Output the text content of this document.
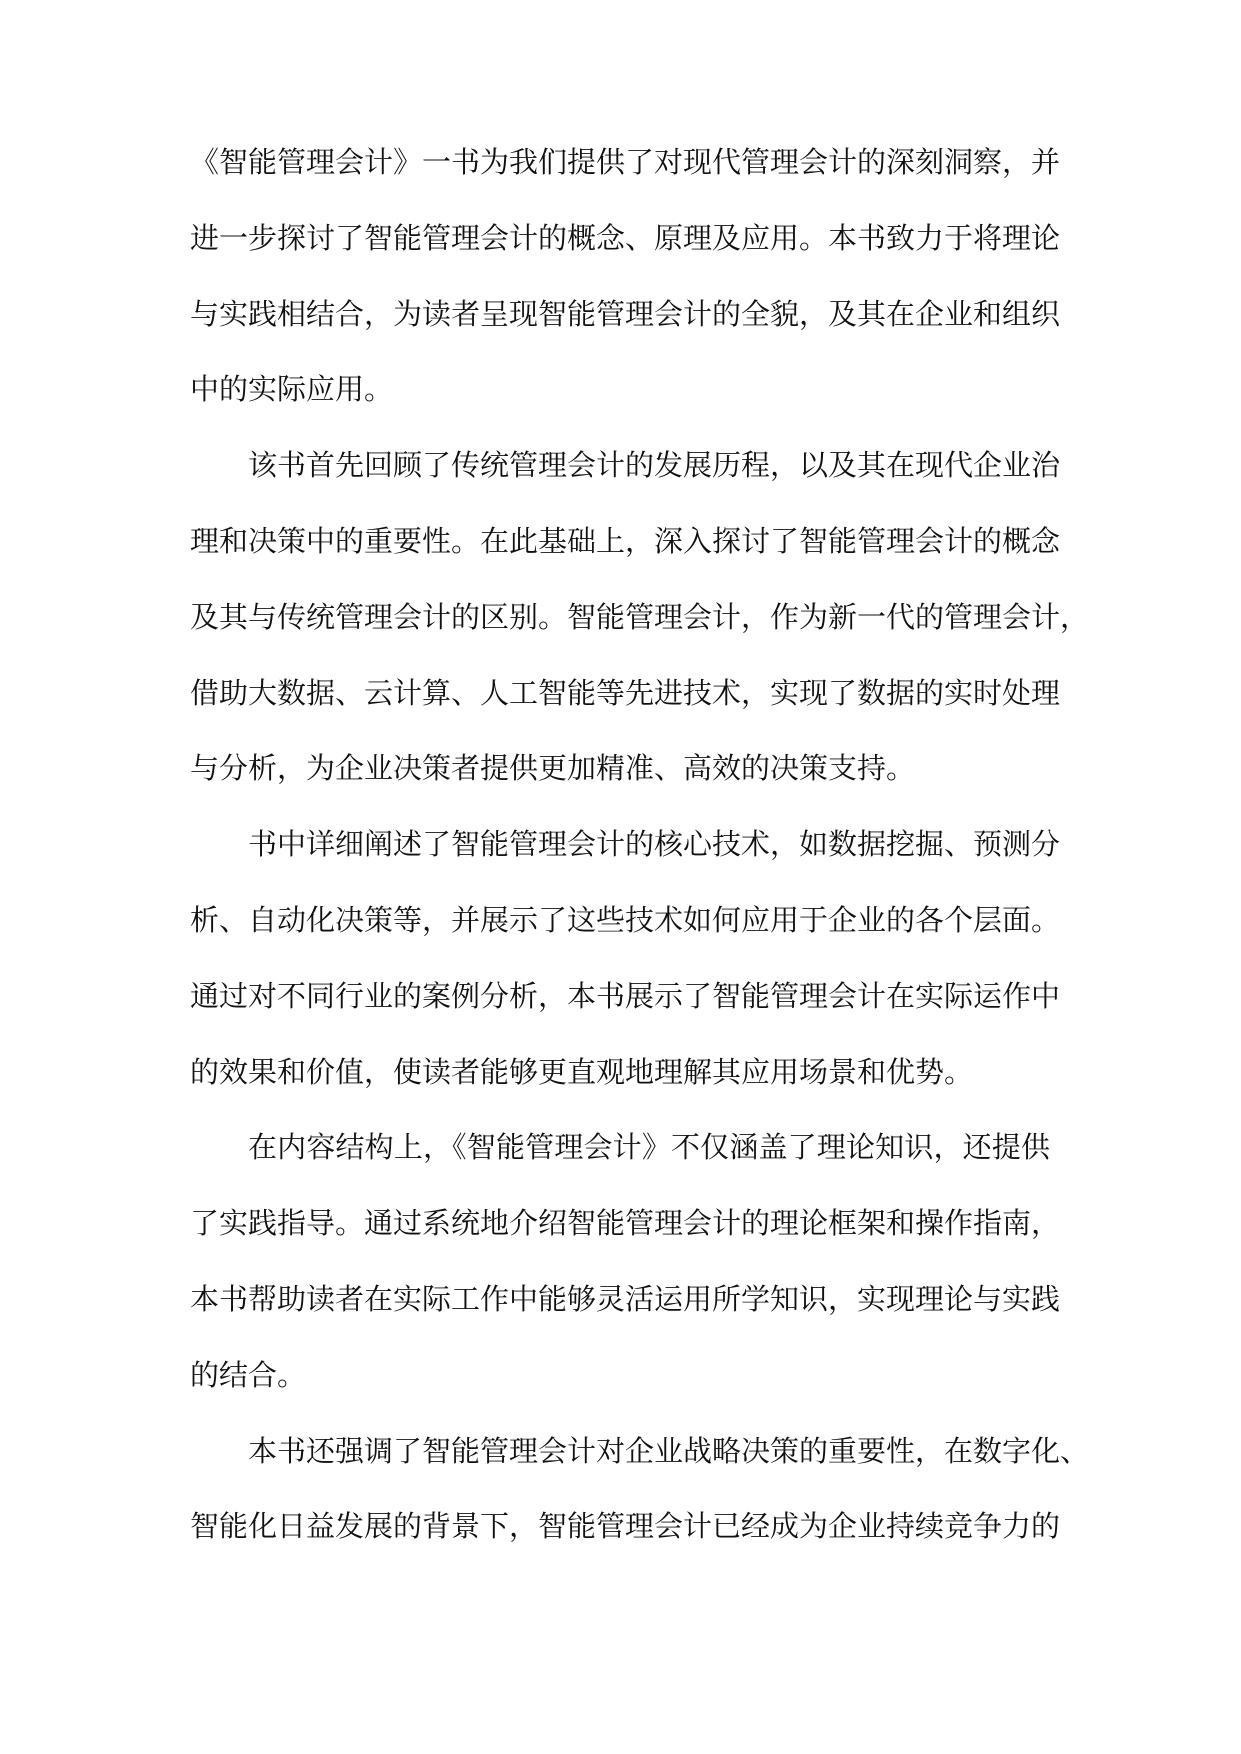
《智能管理会计》一书为我们提供了对现代管理会计的深刻洞察，并
进一步探讨了智能管理会计的概念、原理及应用。本书致力于将理论
与实践相结合，为读者呈现智能管理会计的全貌，及其在企业和组织
中的实际应用。
该书首先回顾了传统管理会计的发展历程，以及其在现代企业治
理和决策中的重要性。在此基础上，深入探讨了智能管理会计的概念
及其与传统管理会计的区别。智能管理会计，作为新一代的管理会计，
借助大数据、云计算、人工智能等先进技术，实现了数据的实时处理
与分析，为企业决策者提供更加精准、高效的决策支持。
书中详细阐述了智能管理会计的核心技术，如数据挖掘、预测分
析、自动化决策等，并展示了这些技术如何应用于企业的各个层面。
通过对不同行业的案例分析，本书展示了智能管理会计在实际运作中
的效果和价值，使读者能够更直观地理解其应用场景和优势。
在内容结构上，《智能管理会计》不仅涵盖了理论知识，还提供
了实践指导。通过系统地介绍智能管理会计的理论框架和操作指南，
本书帮助读者在实际工作中能够灵活运用所学知识，实现理论与实践
的结合。
本书还强调了智能管理会计对企业战略决策的重要性，在数字化、
智能化日益发展的背景下，智能管理会计已经成为企业持续竞争力的
